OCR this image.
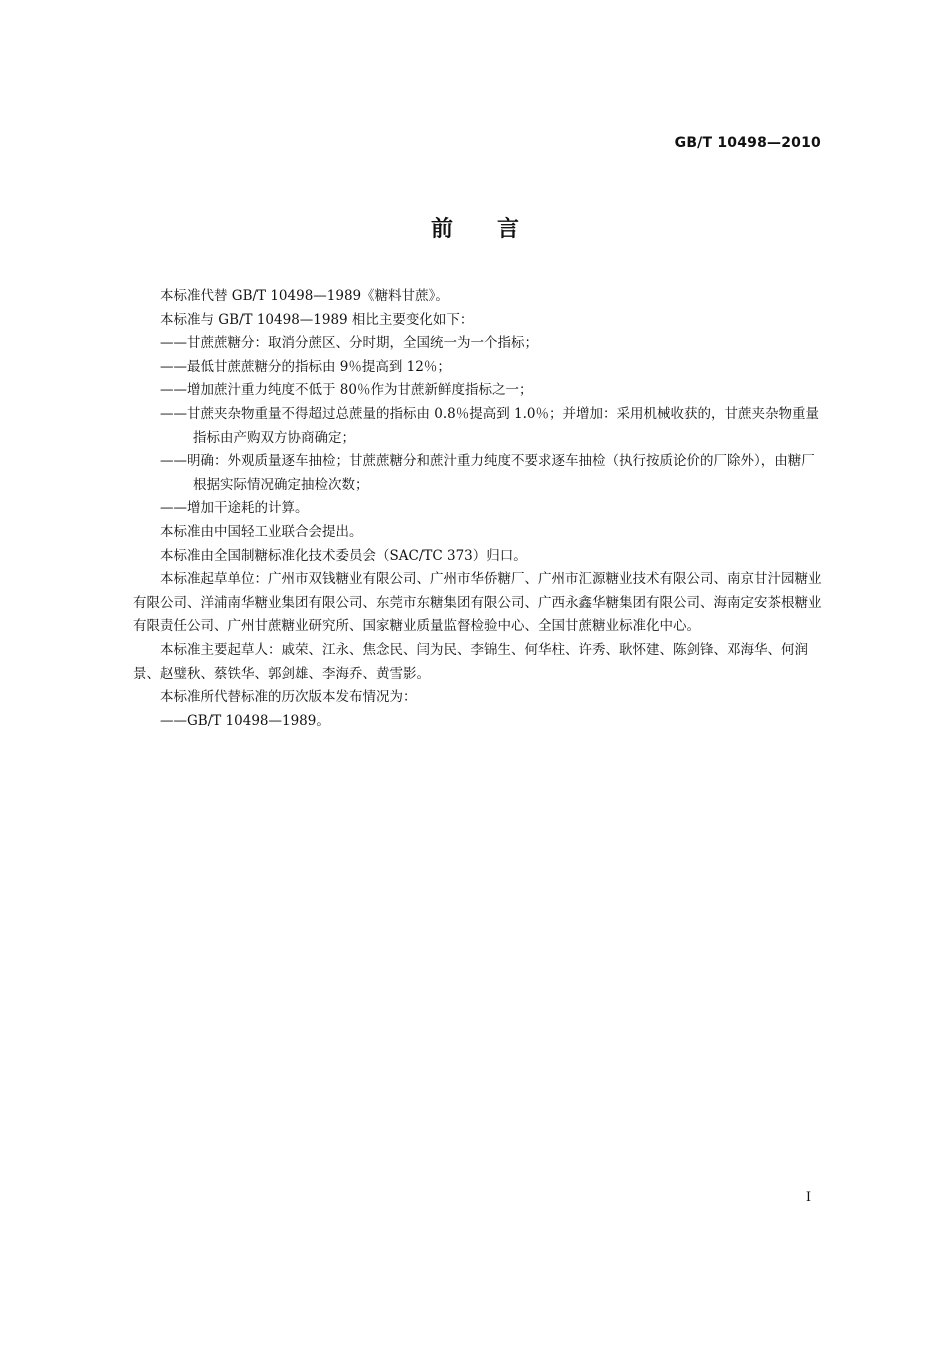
GB/T 10498—2010
前言

本标准代替 GB/T 10498—1989《糖料甘蔗》。

本标准与 GB/T 10498—1989 相比主要变化如下：

——甘蔗蔗糖分：取消分蔗区、分时期，全国统一为一个指标；

——最低甘蔗蔗糖分的指标由 9％提高到 12％；

——增加蔗汁重力纯度不低于 80％作为甘蔗新鲜度指标之一；

——甘蔗夹杂物重量不得超过总蔗量的指标由 0.8％提高到 1.0％；并增加：采用机械收获的，甘蔗夹杂物重量指标由产购双方协商确定；

——明确：外观质量逐车抽检；甘蔗蔗糖分和蔗汁重力纯度不要求逐车抽检（执行按质论价的厂除外），由糖厂根据实际情况确定抽检次数；

——增加干途耗的计算。

本标准由中国轻工业联合会提出。

本标准由全国制糖标准化技术委员会（SAC/TC 373）归口。

本标准起草单位：广州市双钱糖业有限公司、广州市华侨糖厂、广州市汇源糖业技术有限公司、南京甘汁园糖业有限公司、洋浦南华糖业集团有限公司、东莞市东糖集团有限公司、广西永鑫华糖集团有限公司、海南定安茶根糖业有限责任公司、广州甘蔗糖业研究所、国家糖业质量监督检验中心、全国甘蔗糖业标准化中心。

本标准主要起草人：戚荣、江永、焦念民、闫为民、李锦生、何华柱、许秀、耿怀建、陈剑锋、邓海华、何润景、赵璧秋、蔡铁华、郭剑雄、李海乔、黄雪影。

本标准所代替标准的历次版本发布情况为：

——GB/T 10498—1989。

I
